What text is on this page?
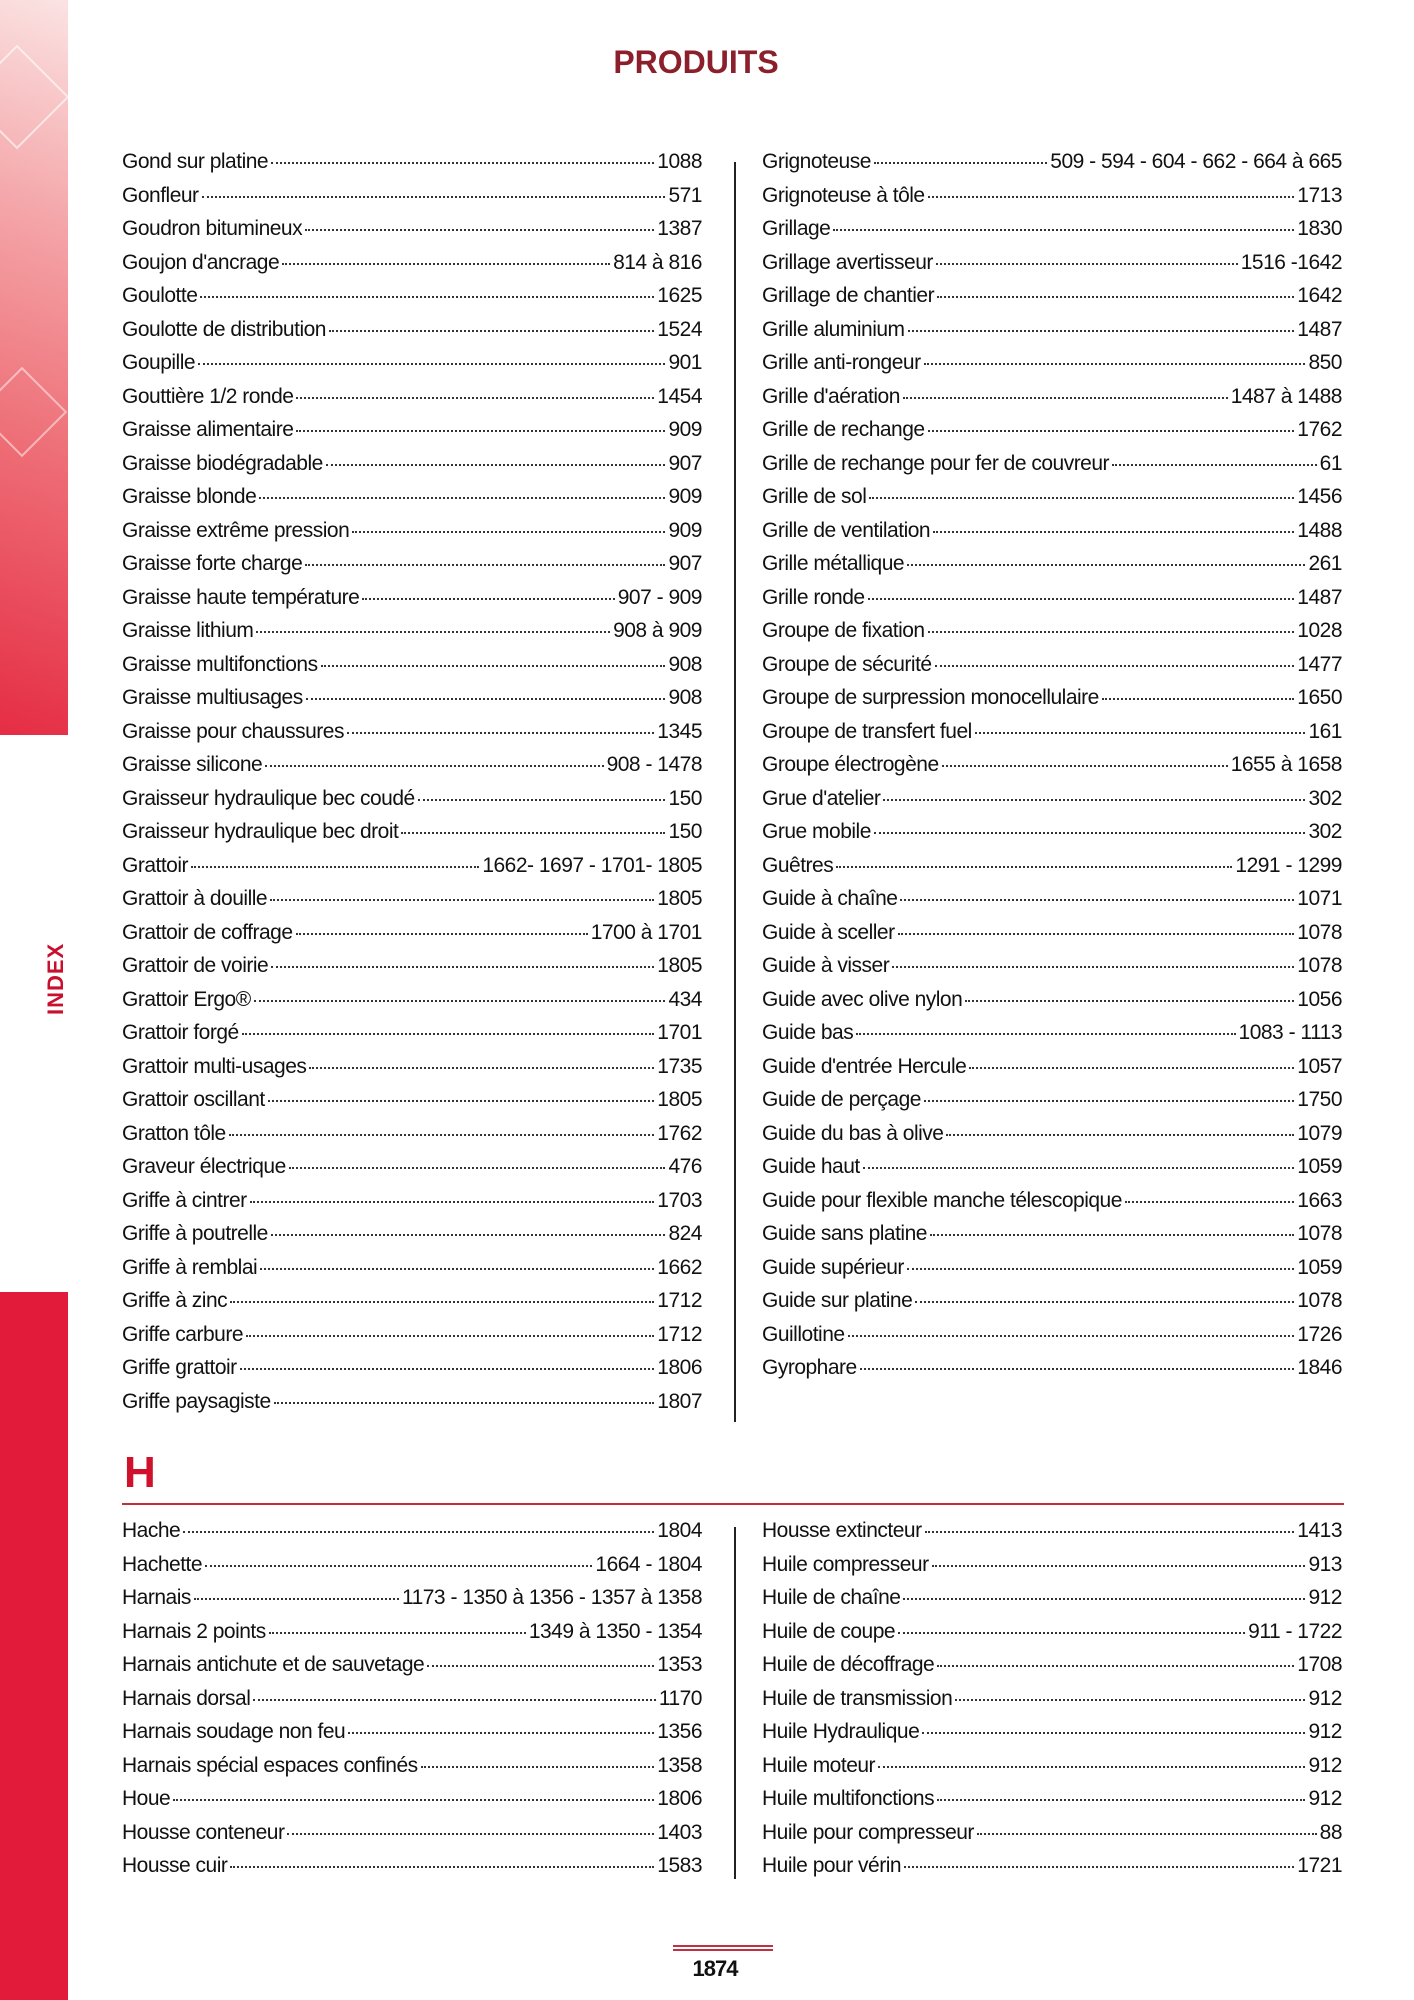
INDEX
PRODUITS
Gond sur platine	1088
Gonfleur	571
Goudron bitumineux	1387
Goujon d'ancrage	814 à 816
Goulotte	1625
Goulotte de distribution	1524
Goupille	901
Gouttière 1/2 ronde	1454
Graisse alimentaire	909
Graisse biodégradable	907
Graisse blonde	909
Graisse extrême pression	909
Graisse forte charge	907
Graisse haute température	907 - 909
Graisse lithium	908 à 909
Graisse multifonctions	908
Graisse multiusages	908
Graisse pour chaussures	1345
Graisse silicone	908 - 1478
Graisseur hydraulique bec coudé	150
Graisseur hydraulique bec droit	150
Grattoir	1662- 1697 - 1701- 1805
Grattoir à douille	1805
Grattoir de coffrage	1700 à 1701
Grattoir de voirie	1805
Grattoir Ergo®	434
Grattoir forgé	1701
Grattoir multi-usages	1735
Grattoir oscillant	1805
Gratton tôle	1762
Graveur électrique	476
Griffe à cintrer	1703
Griffe à poutrelle	824
Griffe à remblai	1662
Griffe à zinc	1712
Griffe carbure	1712
Griffe grattoir	1806
Griffe paysagiste	1807
Grignoteuse	509 - 594 - 604 - 662 - 664 à 665
Grignoteuse à tôle	1713
Grillage	1830
Grillage avertisseur	1516 -1642
Grillage de chantier	1642
Grille aluminium	1487
Grille anti-rongeur	850
Grille d'aération	1487 à 1488
Grille de rechange	1762
Grille de rechange pour fer de couvreur	61
Grille de sol	1456
Grille de ventilation	1488
Grille métallique	261
Grille ronde	1487
Groupe de fixation	1028
Groupe de sécurité	1477
Groupe de surpression monocellulaire	1650
Groupe de transfert fuel	161
Groupe électrogène	1655 à 1658
Grue d'atelier	302
Grue mobile	302
Guêtres	1291 - 1299
Guide à chaîne	1071
Guide à sceller	1078
Guide à visser	1078
Guide avec olive nylon	1056
Guide bas	1083 - 1113
Guide d'entrée Hercule	1057
Guide de perçage	1750
Guide du bas à olive	1079
Guide haut	1059
Guide pour flexible manche télescopique	1663
Guide sans platine	1078
Guide supérieur	1059
Guide sur platine	1078
Guillotine	1726
Gyrophare	1846
H
Hache	1804
Hachette	1664 - 1804
Harnais	1173 - 1350 à 1356 - 1357 à 1358
Harnais 2 points	1349 à 1350 - 1354
Harnais antichute et de sauvetage	1353
Harnais dorsal	1170
Harnais soudage non feu	1356
Harnais spécial espaces confinés	1358
Houe	1806
Housse conteneur	1403
Housse cuir	1583
Housse extincteur	1413
Huile compresseur	913
Huile de chaîne	912
Huile de coupe	911 - 1722
Huile de décoffrage	1708
Huile de transmission	912
Huile Hydraulique	912
Huile moteur	912
Huile multifonctions	912
Huile pour compresseur	88
Huile pour vérin	1721
1874
